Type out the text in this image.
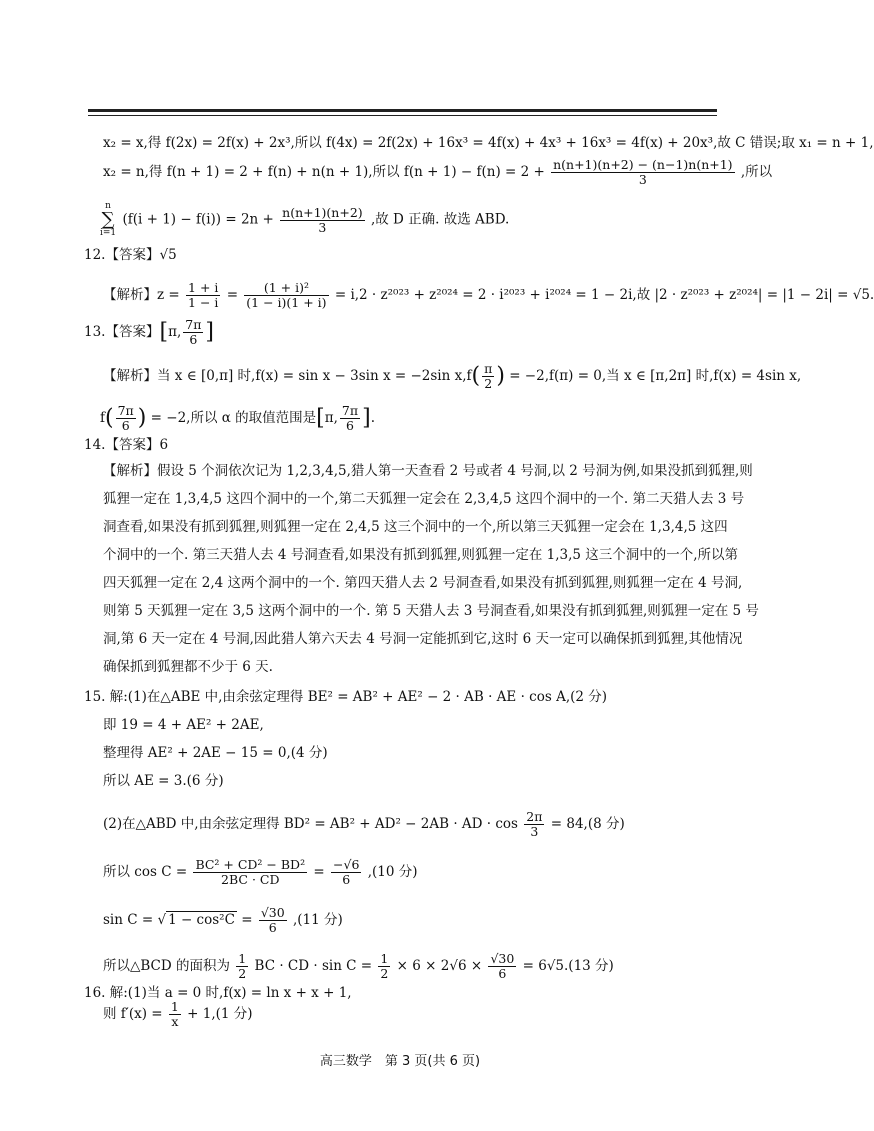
x₂ = x,得 f(2x) = 2f(x) + 2x³,所以 f(4x) = 2f(2x) + 16x³ = 4f(x) + 4x³ + 16x³ = 4f(x) + 20x³,故 C 错误;取 x₁ = n + 1,
x₂ = n,得 f(n + 1) = 2 + f(n) + n(n + 1),所以 $f(n + 1) - f(n) = 2 + \frac{n(n+1)(n+2) - (n-1)n(n+1)}{3}$ ,所以
n
∑
i=1 $(f(i + 1) - f(i)) = 2n + \frac{n(n+1)(n+2)}{3}$ ,故 D 正确. 故选 ABD.
12.【答案】√5
【解析】$z = \frac{1 + i}{1 - i} = \frac{\text{(1 + i)²}}{(1 - i)(1 + i)} = i,2 \cdot z^{2023} + z^{2024} = 2 \cdot i^{2023} + i^{2024} = 1 - 2i$,故 |2 · z²⁰²³ + z²⁰²⁴| = |1 − 2i| = √5.
13.【答案】[π, $\frac{7\pi}{6}$ ]
【解析】当 x ∈ [0,π] 时,f(x) = sin x − 3sin x = −2sin $x,f( \frac{\pi}{2}$ ) = −2,f(π) = 0,当 x ∈ [π,2π] 时,f(x) = 4sin x,
$f( \frac{7\pi}{6}$ ) = −2,所以 α 的取值范围是[π, $\frac{7\pi}{6}$ ].
14.【答案】6
【解析】假设 5 个洞依次记为 1,2,3,4,5,猎人第一天查看 2 号或者 4 号洞,以 2 号洞为例,如果没抓到狐狸,则
狐狸一定在 1,3,4,5 这四个洞中的一个,第二天狐狸一定会在 2,3,4,5 这四个洞中的一个. 第二天猎人去 3 号
洞查看,如果没有抓到狐狸,则狐狸一定在 2,4,5 这三个洞中的一个,所以第三天狐狸一定会在 1,3,4,5 这四
个洞中的一个. 第三天猎人去 4 号洞查看,如果没有抓到狐狸,则狐狸一定在 1,3,5 这三个洞中的一个,所以第
四天狐狸一定在 2,4 这两个洞中的一个. 第四天猎人去 2 号洞查看,如果没有抓到狐狸,则狐狸一定在 4 号洞,
则第 5 天狐狸一定在 3,5 这两个洞中的一个. 第 5 天猎人去 3 号洞查看,如果没有抓到狐狸,则狐狸一定在 5 号
洞,第 6 天一定在 4 号洞,因此猎人第六天去 4 号洞一定能抓到它,这时 6 天一定可以确保抓到狐狸,其他情况
确保抓到狐狸都不少于 6 天.
15. 解:(1)在△ABE 中,由余弦定理得 BE² = AB² + AE² − 2 · AB · AE · cos A,(2 分)
即 19 = 4 + AE² + 2AE,
整理得 AE² + 2AE − 15 = 0,(4 分)
所以 AE = 3.(6 分)
(2)在△ABD 中,由余弦定理得 BD² = AB² + AD² − 2AB · AD · $\cos \frac{2\pi}{3} = 84,(8$ 分)
所以 $\cos C = \frac{\text{BC² + CD² − BD²}}{2BC \cdot CD} = \frac{-√6}{6} ,(10$ 分)
sin C = √ $1 - \cos^2C = \frac{√30}{6} ,(11$ 分)
所以△BCD 的面积为 $\frac{1}{2}$ BC · CD · $\sin C = \frac{1}{2} \times 6 \times 2√6 \times \frac{√30}{6} = 6√5.(13$ 分)
16. 解:(1)当 a = 0 时,f(x) = ln x + x + 1,
高三数学　第 3 页(共 6 页)
则 $f'(x) = \frac{1}{x} + 1,(1$ 分)
